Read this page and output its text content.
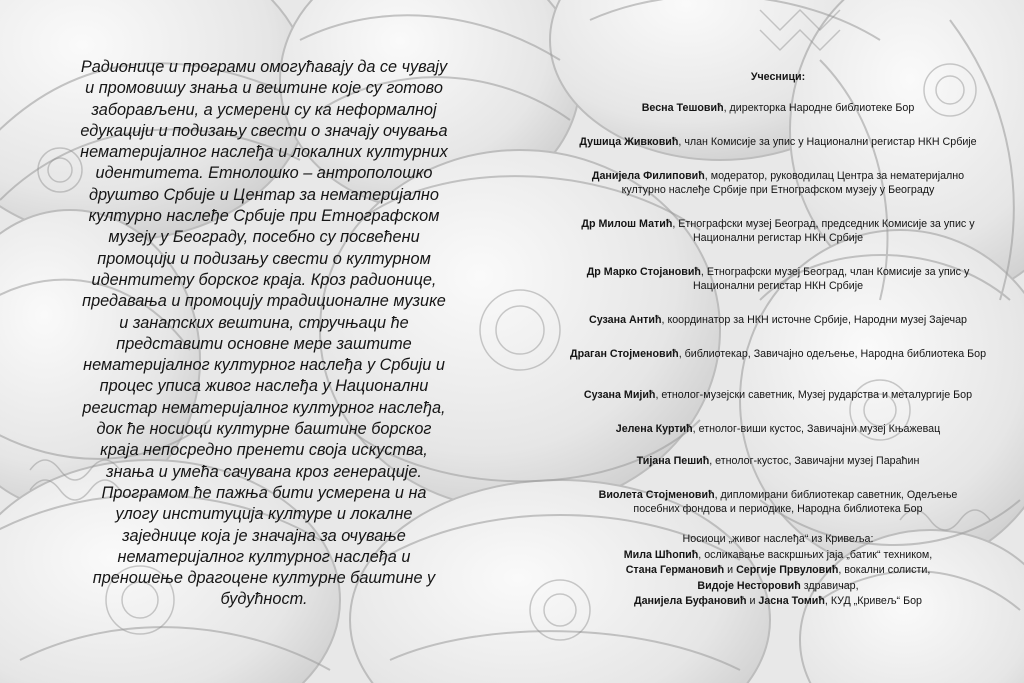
Радионице и програми омогућавају да се чувају

и промовишу знања и вештине које су готово

заборављени, а усмерени су ка неформалној

едукацији и подизању свести о значају очувања

нематеријалног наслеђа и локалних културних

идентитета. Етнолошко – антрополошко

друштво Србије и Центар за нематеријално

културно наслеђе Србије при Етнографском

музеју у Београду, посебно су посвећени

промоцији и подизању свести о културном

идентитету борског краја. Кроз радионице,

предавања и промоцију традиционалне музике

и занатских вештина, стручњаци ће

представити основне мере заштите

нематеријалног културног наслеђа у Србији и

процес уписа живог наслеђа у Национални

регистар нематеријалног културног наслеђа,

док ће носиоци културне баштине борског

краја непосредно пренети своја искуства,

знања и умећа сачувана кроз генерације.

Програмом ће пажња бити усмерена и на

улогу институција културе и локалне

заједнице која је значајна за очување

нематеријалног културног наслеђа и

преношење драгоцене културне баштине у

будућност.

Учесници:
Весна Тешовић, директорка Народне библиотеке Бор
Душица Живковић, члан Комисије за упис у Национални регистар НКН Србије
Данијела Филиповић, модератор, руководилац Центра за нематеријално
културно наслеђе Србије при Етнографском музеју у Београду
Др Милош Матић, Етнографски музеј Београд, председник Комисије за упис у
Национални регистар НКН Србије
Др Марко Стојановић, Етнографски музеј Београд, члан Комисије за упис у
Национални регистар НКН Србије
Сузана Антић, координатор за НКН источне Србије, Народни музеј Зајечар
Драган Стојменовић, библиотекар, Завичајно одељење, Народна библиотека Бор
Сузана Мијић, етнолог-музејски саветник, Музеј рударства и металургије Бор
Јелена Куртић, етнолог-виши кустос, Завичајни музеј Књажевац
Тијана Пешић, етнолог-кустос, Завичајни музеј Параћин
Виолета Стојменовић, дипломирани библиотекар саветник, Одељење
посебних фондова и периодике, Народна библиотека Бор
Носиоци „живог наслеђа“ из Кривеља:
Мила Шћопић, осликавање васкршњих јаја „батик“ техником,
Стана Германовић и Сергије Првуловић, вокални солисти,
Видоје Несторовић здравичар,
Данијела Буфановић и Јасна Томић, КУД „Кривељ“ Бор
